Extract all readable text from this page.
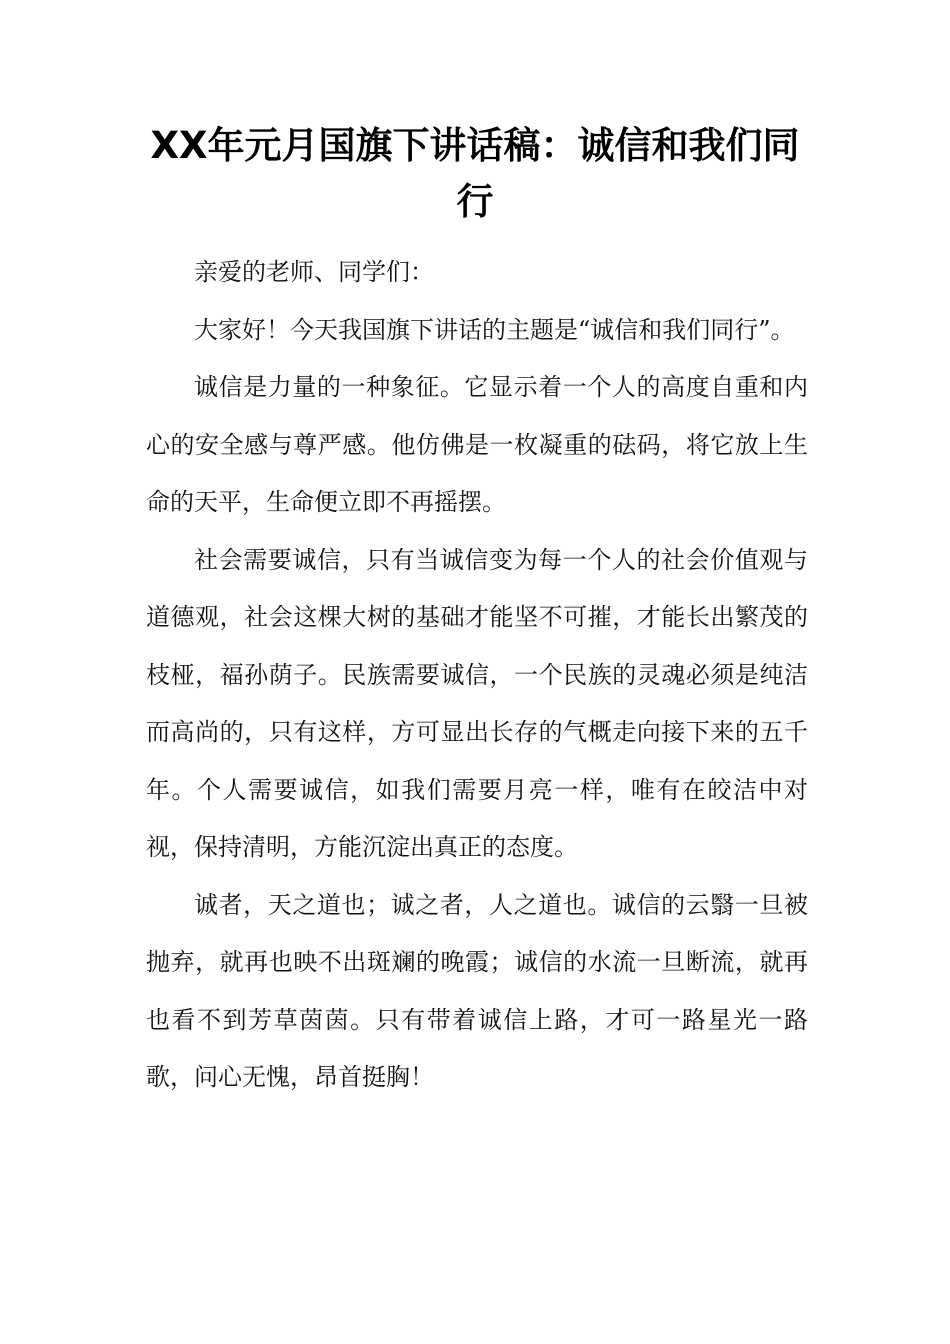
XX年元月国旗下讲话稿：诚信和我们同行

亲爱的老师、同学们：

大家好！今天我国旗下讲话的主题是“诚信和我们同行”。

诚信是力量的一种象征。它显示着一个人的高度自重和内心的安全感与尊严感。他仿佛是一枚凝重的砝码，将它放上生命的天平，生命便立即不再摇摆。

社会需要诚信，只有当诚信变为每一个人的社会价值观与道德观，社会这棵大树的基础才能坚不可摧，才能长出繁茂的枝桠，福孙荫子。民族需要诚信，一个民族的灵魂必须是纯洁而高尚的，只有这样，方可显出长存的气概走向接下来的五千年。个人需要诚信，如我们需要月亮一样，唯有在皎洁中对视，保持清明，方能沉淀出真正的态度。

诚者，天之道也；诚之者，人之道也。诚信的云翳一旦被抛弃，就再也映不出斑斓的晚霞；诚信的水流一旦断流，就再也看不到芳草茵茵。只有带着诚信上路，才可一路星光一路歌，问心无愧，昂首挺胸！
